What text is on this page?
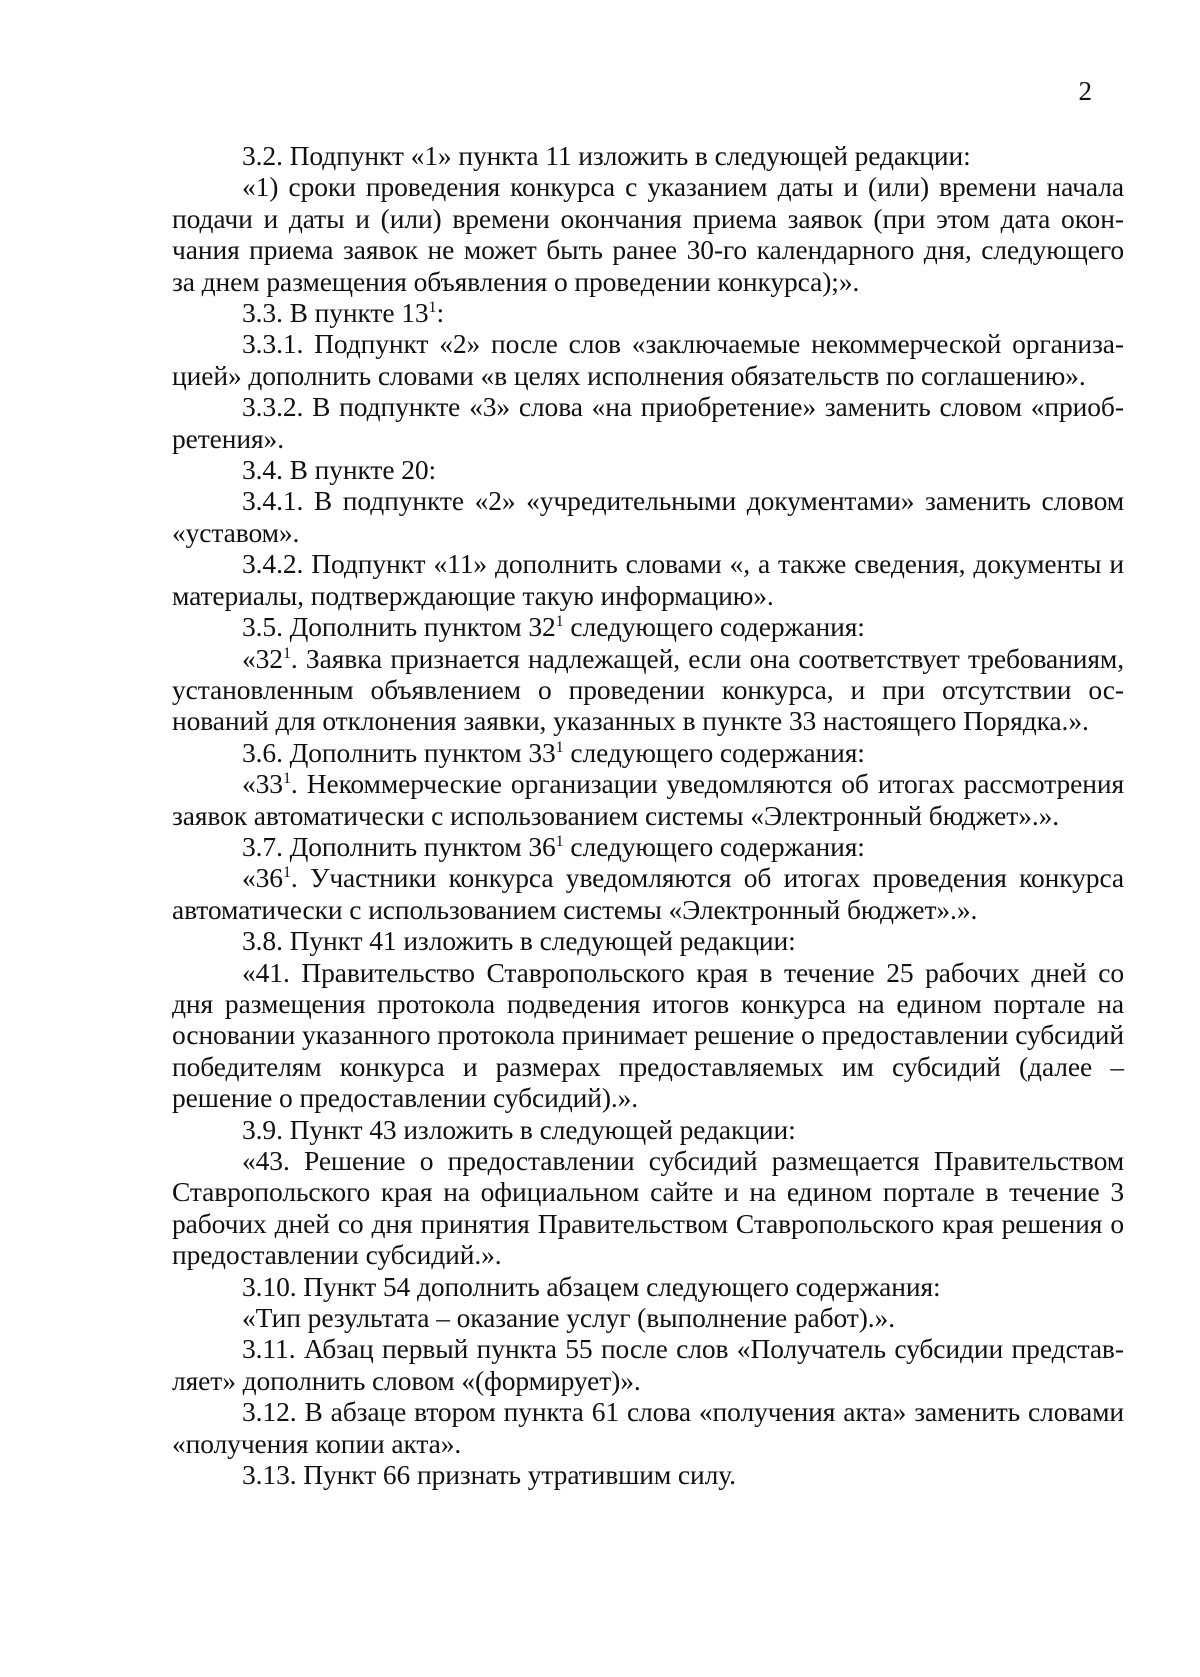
2

3.2. Подпункт «1» пункта 11 изложить в следующей редакции:

«1) сроки проведения конкурса с указанием даты и (или) времени начала подачи и даты и (или) времени окончания приема заявок (при этом дата окончания приема заявок не может быть ранее 30-го календарного дня, следующего за днем размещения объявления о проведении конкурса);».

3.3. В пункте $13^1$:

3.3.1. Подпункт «2» после слов «заключаемые некоммерческой организацией» дополнить словами «в целях исполнения обязательств по соглашению».

3.3.2. В подпункте «3» слова «на приобретение» заменить словом «приобретения».

3.4. В пункте 20:

3.4.1. В подпункте «2» «учредительными документами» заменить словом «уставом».

3.4.2. Подпункт «11» дополнить словами «, а также сведения, документы и материалы, подтверждающие такую информацию».

3.5. Дополнить пунктом $32^1$ следующего содержания:

«$32^1$. Заявка признается надлежащей, если она соответствует требованиям, установленным объявлением о проведении конкурса, и при отсутствии оснований для отклонения заявки, указанных в пункте 33 настоящего Порядка.».

3.6. Дополнить пунктом $33^1$ следующего содержания:

«$33^1$. Некоммерческие организации уведомляются об итогах рассмотрения заявок автоматически с использованием системы «Электронный бюджет».».

3.7. Дополнить пунктом $36^1$ следующего содержания:

«$36^1$. Участники конкурса уведомляются об итогах проведения конкурса автоматически с использованием системы «Электронный бюджет».».

3.8. Пункт 41 изложить в следующей редакции:

«41. Правительство Ставропольского края в течение 25 рабочих дней со дня размещения протокола подведения итогов конкурса на едином портале на основании указанного протокола принимает решение о предоставлении субсидий победителям конкурса и размерах предоставляемых им субсидий (далее – решение о предоставлении субсидий).».

3.9. Пункт 43 изложить в следующей редакции:

«43. Решение о предоставлении субсидий размещается Правительством Ставропольского края на официальном сайте и на едином портале в течение 3 рабочих дней со дня принятия Правительством Ставропольского края решения о предоставлении субсидий.».

3.10. Пункт 54 дополнить абзацем следующего содержания:

«Тип результата – оказание услуг (выполнение работ).».

3.11. Абзац первый пункта 55 после слов «Получатель субсидии представляет» дополнить словом «(формирует)».

3.12. В абзаце втором пункта 61 слова «получения акта» заменить словами «получения копии акта».

3.13. Пункт 66 признать утратившим силу.
